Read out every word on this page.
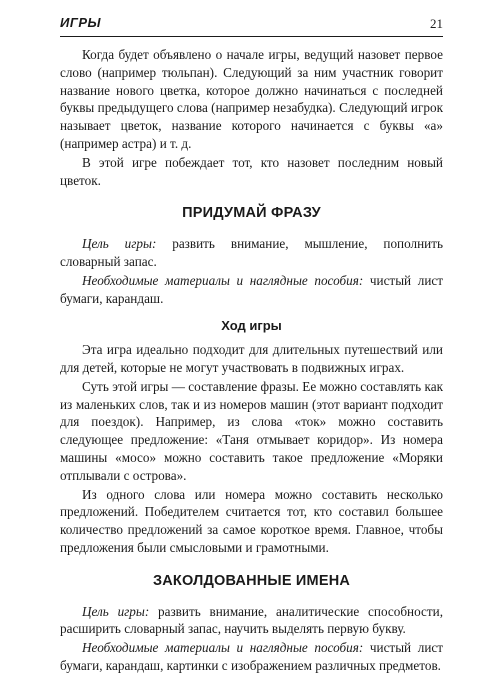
ИГРЫ	21

Когда будет объявлено о начале игры, ведущий назовет первое слово (например тюльпан). Следующий за ним участник говорит название нового цветка, которое должно начинаться с последней буквы предыдущего слова (например незабудка). Следующий игрок называет цветок, название которого начинается с буквы «а» (например астра) и т. д.

В этой игре побеждает тот, кто назовет последним новый цветок.

ПРИДУМАЙ ФРАЗУ

Цель игры: развить внимание, мышление, пополнить словарный запас.

Необходимые материалы и наглядные пособия: чистый лист бумаги, карандаш.

Ход игры

Эта игра идеально подходит для длительных путешествий или для детей, которые не могут участвовать в подвижных играх.

Суть этой игры — составление фразы. Ее можно составлять как из маленьких слов, так и из номеров машин (этот вариант подходит для поездок). Например, из слова «ток» можно составить следующее предложение: «Таня отмывает коридор». Из номера машины «мосо» можно составить такое предложение «Моряки отплывали с острова».

Из одного слова или номера можно составить несколько предложений. Победителем считается тот, кто составил большее количество предложений за самое короткое время. Главное, чтобы предложения были смысловыми и грамотными.

ЗАКОЛДОВАННЫЕ ИМЕНА

Цель игры: развить внимание, аналитические способности, расширить словарный запас, научить выделять первую букву.

Необходимые материалы и наглядные пособия: чистый лист бумаги, карандаш, картинки с изображением различных предметов.
